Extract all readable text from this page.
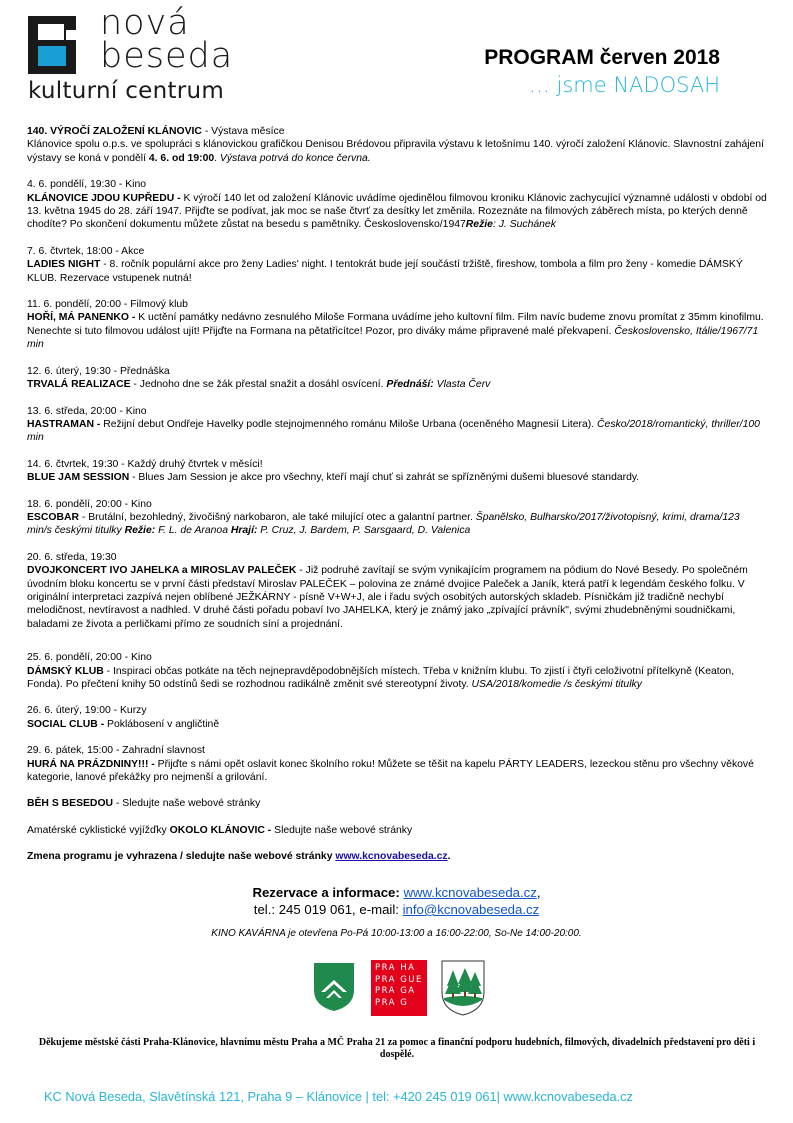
nová
beseda
kulturní centrum
PROGRAM červen 2018
… jsme NADOSAH

140. VÝROČÍ ZALOŽENÍ KLÁNOVIC - Výstava měsíce

Klánovice spolu o.p.s. ve spolupráci s klánovickou grafičkou Denisou Brédovou připravila výstavu k letošnímu 140. výročí založení Klánovic. Slavnostní zahájení výstavy se koná v pondělí 4. 6. od 19:00. Výstava potrvá do konce června.

4. 6. pondělí, 19:30 - Kino

KLÁNOVICE JDOU KUPŘEDU - K výročí 140 let od založení Klánovic uvádíme ojedinělou filmovou kroniku Klánovic zachycující významné události v období od 13. května 1945 do 28. září 1947. Přijďte se podívat, jak moc se naše čtvrť za desítky let změnila. Rozeznáte na filmových záběrech místa, po kterých denně chodíte? Po skončení dokumentu můžete zůstat na besedu s pamětníky. Československo/1947Režie: J. Suchánek

7. 6. čtvrtek, 18:00 - Akce

LADIES NIGHT - 8. ročník populární akce pro ženy Ladies' night. I tentokrát bude její součástí tržiště, fireshow, tombola a film pro ženy - komedie DÁMSKÝ KLUB. Rezervace vstupenek nutná!

11. 6. pondělí, 20:00 - Filmový klub

HOŘÍ, MÁ PANENKO - K uctění památky nedávno zesnulého Miloše Formana uvádíme jeho kultovní film. Film navíc budeme znovu promítat z 35mm kinofilmu. Nenechte si tuto filmovou událost ujít! Přijďte na Formana na pětatřicítce! Pozor, pro diváky máme připravené malé překvapení. Československo, Itálie/1967/71 min

12. 6. úterý, 19:30 - Přednáška

TRVALÁ REALIZACE - Jednoho dne se žák přestal snažit a dosáhl osvícení. Přednáší: Vlasta Červ

13. 6. středa, 20:00 - Kino

HASTRAMAN - Režijní debut Ondřeje Havelky podle stejnojmenného románu Miloše Urbana (oceněného Magnesií Litera). Česko/2018/romantický, thriller/100 min

14. 6. čtvrtek, 19:30 - Každý druhý čtvrtek v měsíci!

BLUE JAM SESSION - Blues Jam Session je akce pro všechny, kteří mají chuť si zahrát se spřízněnými dušemi bluesové standardy.

18. 6. pondělí, 20:00 - Kino

ESCOBAR - Brutální, bezohledný, živočišný narkobaron, ale také milující otec a galantní partner. Španělsko, Bulharsko/2017/životopisný, krimi, drama/123 min/s českými titulky Režie: F. L. de Aranoa Hrají: P. Cruz, J. Bardem, P. Sarsgaard, D. Valenica

20. 6. středa, 19:30

DVOJKONCERT IVO JAHELKA a MIROSLAV PALEČEK - Již podruhé zavítají se svým vynikajícím programem na pódium do Nové Besedy. Po společném úvodním bloku koncertu se v první části představí Miroslav PALEČEK – polovina ze známé dvojice Paleček a Janík, která patří k legendám českého folku. V originální interpretaci zazpívá nejen oblíbené JEŽKÁRNY - písně V+W+J, ale i řadu svých osobitých autorských skladeb. Písničkám již tradičně nechybí melodičnost, nevtíravost a nadhled. V druhé části pořadu pobaví Ivo JAHELKA, který je známý jako „zpívající právník", svými zhudebněnými soudničkami, baladami ze života a perličkami přímo ze soudních síní a projednání.

25. 6. pondělí, 20:00 - Kino

DÁMSKÝ KLUB - Inspiraci občas potkáte na těch nejnepravděpodobnějších místech. Třeba v knižním klubu. To zjistí i čtyři celoživotní přítelkyně (Keaton, Fonda). Po přečtení knihy 50 odstínů šedi se rozhodnou radikálně změnit své stereotypní životy. USA/2018/komedie /s českými titulky

26. 6. úterý, 19:00 - Kurzy

SOCIAL CLUB - Poklábosení v angličtině

29. 6. pátek, 15:00 - Zahradní slavnost

HURÁ NA PRÁZDNINY!!! - Přijďte s námi opět oslavit konec školního roku! Můžete se těšit na kapelu PÁRTY LEADERS, lezeckou stěnu pro všechny věkové kategorie, lanové překážky pro nejmenší a grilování.

BĚH S BESEDOU - Sledujte naše webové stránky

Amatérské cyklistické vyjížďky OKOLO KLÁNOVIC - Sledujte naše webové stránky

Zmena programu je vyhrazena / sledujte naše webové stránky www.kcnovabeseda.cz.
Rezervace a informace: www.kcnovabeseda.cz,
tel.: 245 019 061, e-mail: info@kcnovabeseda.cz
KINO KAVÁRNA je otevřena Po-Pá 10:00-13:00 a 16:00-22:00, So-Ne 14:00-20:00.
PRA HA
PRA GUE
PRA GA
PRA G
Děkujeme městské části Praha-Klánovice, hlavnímu městu Praha a MČ Praha 21 za pomoc a finanční podporu hudebních, filmových, divadelních představení pro děti i dospělé.
KC Nová Beseda, Slavětínská 121, Praha 9 – Klánovice | tel: +420 245 019 061| www.kcnovabeseda.cz
